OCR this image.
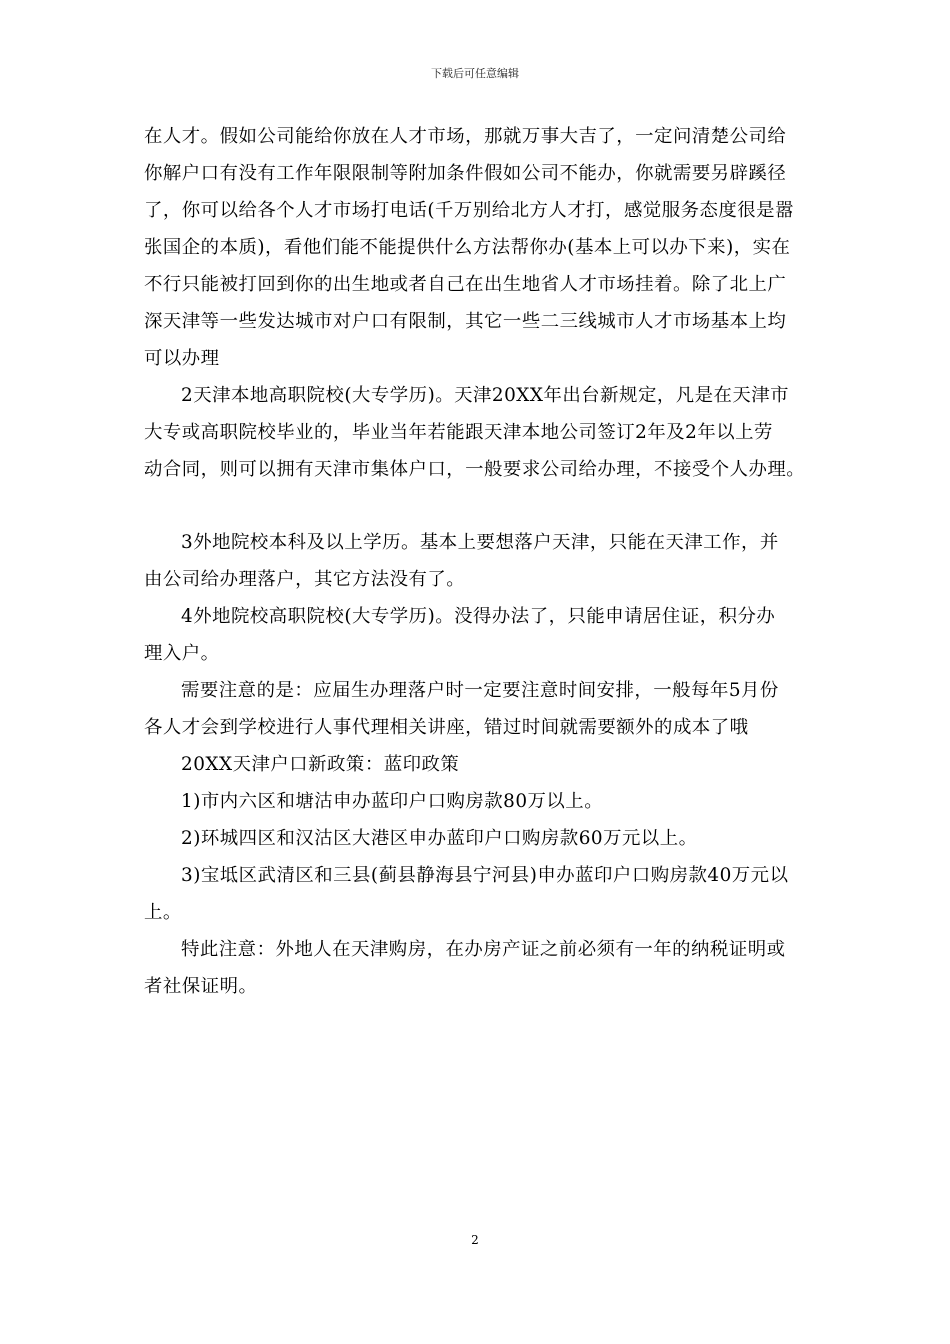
下载后可任意编辑
在人才。假如公司能给你放在人才市场，那就万事大吉了，一定问清楚公司给
你解户口有没有工作年限限制等附加条件假如公司不能办，你就需要另辟蹊径
了，你可以给各个人才市场打电话(千万别给北方人才打，感觉服务态度很是嚣
张国企的本质)，看他们能不能提供什么方法帮你办(基本上可以办下来)，实在
不行只能被打回到你的出生地或者自己在出生地省人才市场挂着。除了北上广
深天津等一些发达城市对户口有限制，其它一些二三线城市人才市场基本上均
可以办理
2天津本地高职院校(大专学历)。天津20XX年出台新规定，凡是在天津市
大专或高职院校毕业的，毕业当年若能跟天津本地公司签订2年及2年以上劳
动合同，则可以拥有天津市集体户口，一般要求公司给办理，不接受个人办理。
3外地院校本科及以上学历。基本上要想落户天津，只能在天津工作，并
由公司给办理落户，其它方法没有了。
4外地院校高职院校(大专学历)。没得办法了，只能申请居住证，积分办
理入户。
需要注意的是：应届生办理落户时一定要注意时间安排，一般每年5月份
各人才会到学校进行人事代理相关讲座，错过时间就需要额外的成本了哦
20XX天津户口新政策：蓝印政策
1)市内六区和塘沽申办蓝印户口购房款80万以上。
2)环城四区和汉沽区大港区申办蓝印户口购房款60万元以上。
3)宝坻区武清区和三县(蓟县静海县宁河县)申办蓝印户口购房款40万元以
上。
特此注意：外地人在天津购房，在办房产证之前必须有一年的纳税证明或
者社保证明。
2
